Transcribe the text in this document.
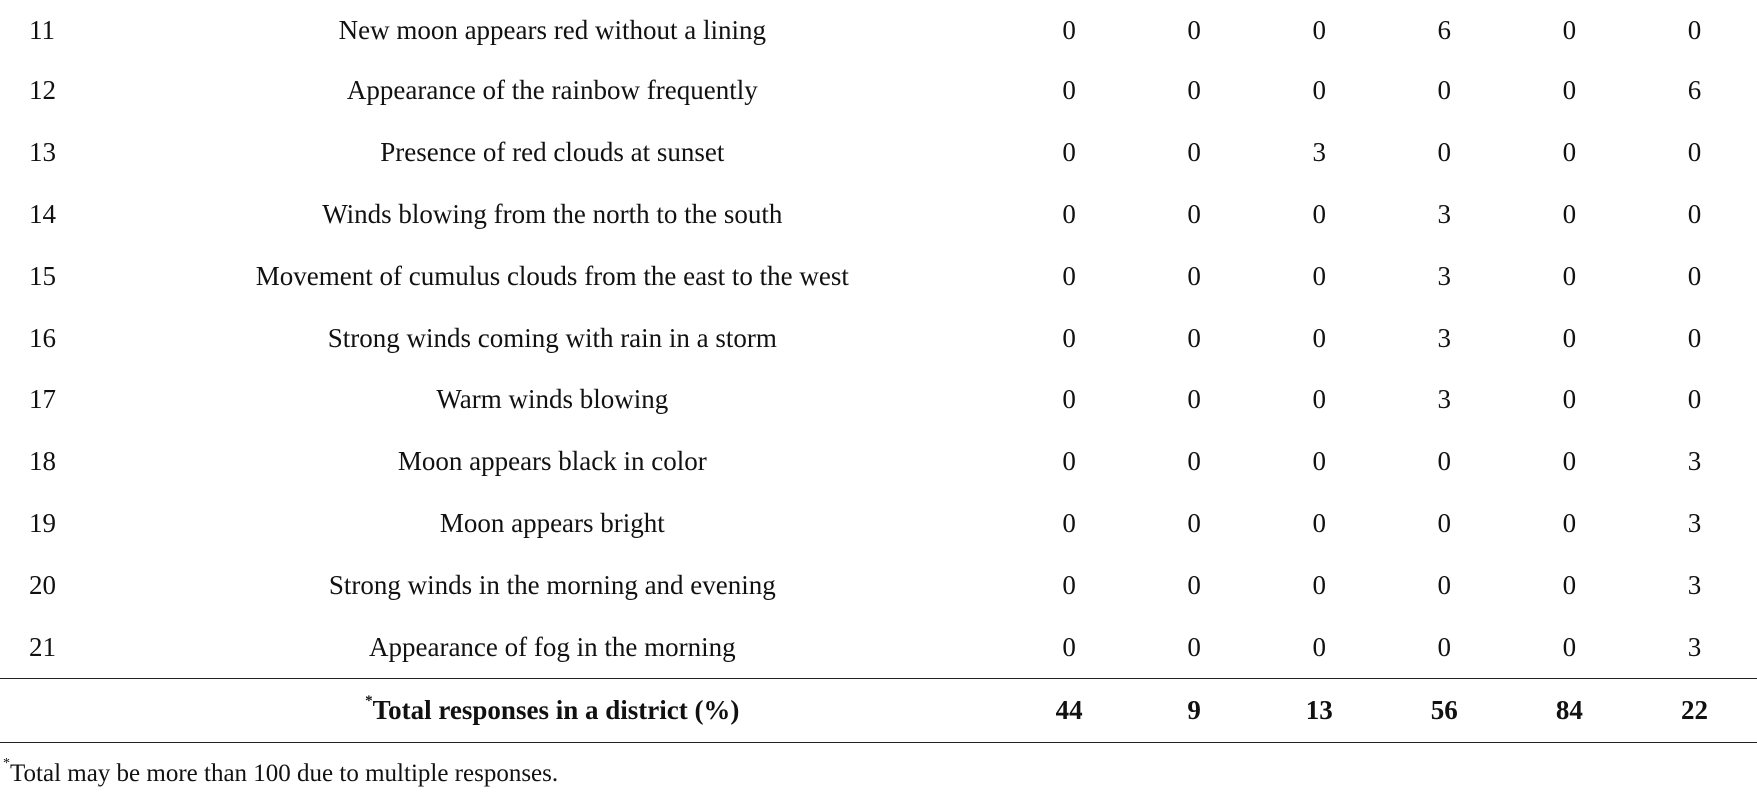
11	New moon appears red without a lining	0	0	0	6	0	0
12	Appearance of the rainbow frequently	0	0	0	0	0	6
13	Presence of red clouds at sunset	0	0	3	0	0	0
14	Winds blowing from the north to the south	0	0	0	3	0	0
15	Movement of cumulus clouds from the east to the west	0	0	0	3	0	0
16	Strong winds coming with rain in a storm	0	0	0	3	0	0
17	Warm winds blowing	0	0	0	3	0	0
18	Moon appears black in color	0	0	0	0	0	3
19	Moon appears bright	0	0	0	0	0	3
20	Strong winds in the morning and evening	0	0	0	0	0	3
21	Appearance of fog in the morning	0	0	0	0	0	3
	*Total responses in a district (%)	44	9	13	56	84	22
*Total may be more than 100 due to multiple responses.
